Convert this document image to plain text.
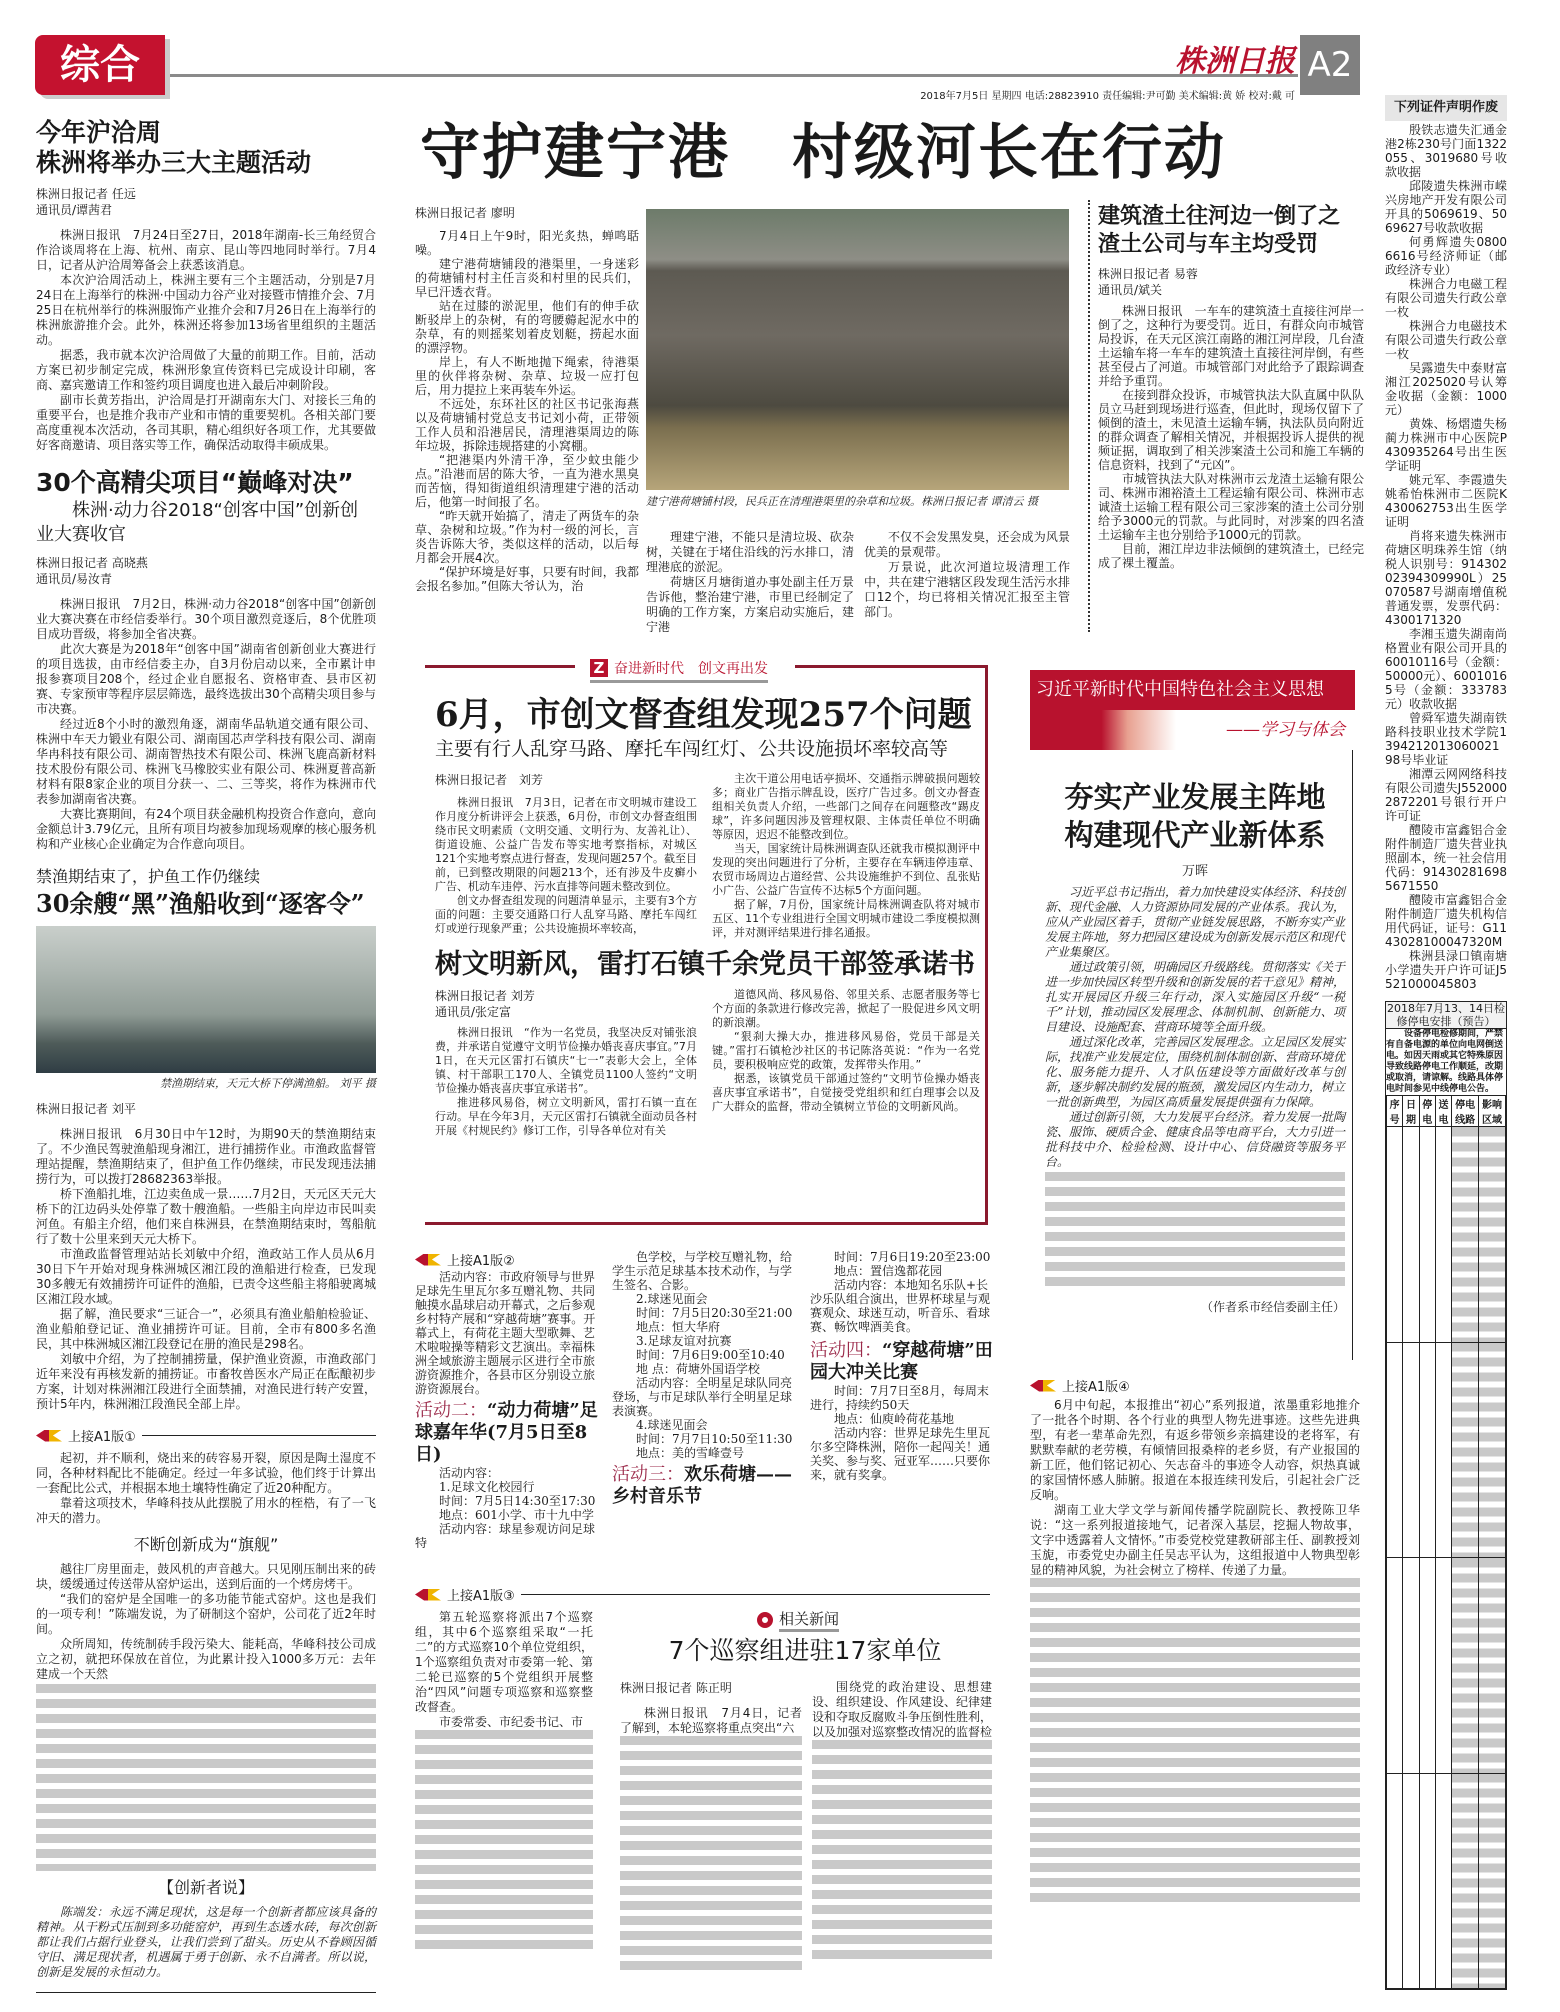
综合	株洲日报 A2
2018年7月5日 星期四 电话:28823910 责任编辑:尹可勤 美术编辑:黄 娇 校对:戴 可
今年沪洽周
株洲将举办三大主题活动
株洲日报记者 任远
通讯员/谭茜君

株洲日报讯　7月24日至27日，2018年湖南-长三角经贸合作洽谈周将在上海、杭州、南京、昆山等四地同时举行。7月4日，记者从沪洽周筹备会上获悉该消息。

本次沪洽周活动上，株洲主要有三个主题活动，分别是7月24日在上海举行的株洲·中国动力谷产业对接暨市情推介会、7月25日在杭州举行的株洲服饰产业推介会和7月26日在上海举行的株洲旅游推介会。此外，株洲还将参加13场省里组织的主题活动。

据悉，我市就本次沪洽周做了大量的前期工作。目前，活动方案已初步制定完成，株洲形象宣传资料已完成设计印刷，客商、嘉宾邀请工作和签约项目调度也进入最后冲刺阶段。

副市长黄芳指出，沪洽周是打开湖南东大门、对接长三角的重要平台，也是推介我市产业和市情的重要契机。各相关部门要高度重视本次活动，各司其职，精心组织好各项工作，尤其要做好客商邀请、项目落实等工作，确保活动取得丰硕成果。

30个高精尖项目“巅峰对决”
株洲·动力谷2018“创客中国”创新创业大赛收官
株洲日报记者 高晓燕
通讯员/易汝青

株洲日报讯　7月2日，株洲·动力谷2018“创客中国”创新创业大赛决赛在市经信委举行。30个项目激烈竞逐后，8个优胜项目成功晋级，将参加全省决赛。

此次大赛是为2018年“创客中国”湖南省创新创业大赛进行的项目选拔，由市经信委主办，自3月份启动以来，全市累计申报参赛项目208个，经过企业自愿报名、资格审查、县市区初赛、专家预审等程序层层筛选，最终选拔出30个高精尖项目参与市决赛。

经过近8个小时的激烈角逐，湖南华品轨道交通有限公司、株洲中车天力锻业有限公司、湖南国芯声学科技有限公司、湖南华冉科技有限公司、湖南智热技术有限公司、株洲飞鹿高新材料技术股份有限公司、株洲飞马橡胶实业有限公司、株洲夏普高新材料有限8家企业的项目分获一、二、三等奖，将作为株洲市代表参加湖南省决赛。

大赛比赛期间，有24个项目获金融机构投资合作意向，意向金额总计3.79亿元，且所有项目均被参加现场观摩的核心服务机构和产业核心企业确定为合作意向项目。

禁渔期结束了，护鱼工作仍继续
30余艘“黑”渔船收到“逐客令”
禁渔期结束，天元大桥下停满渔船。 刘平 摄
株洲日报记者 刘平

株洲日报讯　6月30日中午12时，为期90天的禁渔期结束了。不少渔民驾驶渔船现身湘江，进行捕捞作业。市渔政监督管理站提醒，禁渔期结束了，但护鱼工作仍继续，市民发现违法捕捞行为，可以拨打28682363举报。

桥下渔船扎堆，江边卖鱼成一景……7月2日，天元区天元大桥下的江边码头处停靠了数十艘渔船。一些船主向岸边市民叫卖河鱼。有船主介绍，他们来自株洲县，在禁渔期结束时，驾船航行了数十公里来到天元大桥下。

市渔政监督管理站站长刘敏中介绍，渔政站工作人员从6月30日下午开始对现身株洲城区湘江段的渔船进行检查，已发现30多艘无有效捕捞许可证件的渔船，已责令这些船主将船驶离城区湘江段水域。

据了解，渔民要求“三证合一”，必须具有渔业船舶检验证、渔业船舶登记证、渔业捕捞许可证。目前，全市有800多名渔民，其中株洲城区湘江段登记在册的渔民是298名。

刘敏中介绍，为了控制捕捞量，保护渔业资源，市渔政部门近年来没有再核发新的捕捞证。市畜牧兽医水产局正在酝酿初步方案，计划对株洲湘江段进行全面禁捕，对渔民进行转产安置，预计5年内，株洲湘江段渔民全部上岸。

上接A1版①

起初，并不顺利，烧出来的砖容易开裂，原因是陶土湿度不同，各种材料配比不能确定。经过一年多试验，他们终于计算出一套配比公式，并根据本地土壤特性确定了近20种配方。

靠着这项技术，华峰科技从此摆脱了用水的桎梏，有了一飞冲天的潜力。

不断创新成为“旗舰”

越往厂房里面走，鼓风机的声音越大。只见刚压制出来的砖块，缓缓通过传送带从窑炉运出，送到后面的一个烤房烤干。

“我们的窑炉是全国唯一的多功能节能式窑炉。这也是我们的一项专利！”陈端发说，为了研制这个窑炉，公司花了近2年时间。

众所周知，传统制砖手段污染大、能耗高，华峰科技公司成立之初，就把环保放在首位，为此累计投入1000多万元：去年建成一个天然

【创新者说】
陈端发：永远不满足现状，这是每一个创新者都应该具备的精神。从干粉式压制到多功能窑炉，再到生态透水砖，每次创新都让我们占据行业登头，让我们尝到了甜头。历史从不眷顾因循守旧、满足现状者，机遇属于勇于创新、永不自满者。所以说，创新是发展的永恒动力。
守护建宁港　村级河长在行动
株洲日报记者 廖明

7月4日上午9时，阳光炙热，蝉鸣聒噪。

建宁港荷塘铺段的港渠里，一身迷彩的荷塘铺村村主任言炎和村里的民兵们，早已汗透衣背。

站在过膝的淤泥里，他们有的伸手砍断驳岸上的杂树，有的弯腰薅起泥水中的杂草，有的则摇桨划着皮划艇，捞起水面的漂浮物。

岸上，有人不断地抛下绳索，待港渠里的伙伴将杂树、杂草、垃圾一应打包后，用力提拉上来再装车外运。

不远处，东环社区的社区书记张海燕以及荷塘铺村党总支书记刘小荷，正带领工作人员和沿港居民，清理港渠周边的陈年垃圾，拆除违规搭建的小窝棚。

“把港渠内外清干净，至少蚊虫能少点。”沿港而居的陈大爷，一直为港水黑臭而苦恼，得知街道组织清理建宁港的活动后，他第一时间报了名。

“昨天就开始搞了，清走了两货车的杂草、杂树和垃圾。”作为村一级的河长，言炎告诉陈大爷，类似这样的活动，以后每月都会开展4次。

“保护环境是好事，只要有时间，我都会报名参加。”但陈大爷认为，治

建宁港荷塘铺村段，民兵正在清理港渠里的杂草和垃圾。株洲日报记者 谭清云 摄

理建宁港，不能只是清垃圾、砍杂树，关键在于堵住沿线的污水排口，清理港底的淤泥。

荷塘区月塘街道办事处副主任万景告诉他，整治建宁港，市里已经制定了明确的工作方案，方案启动实施后，建宁港

不仅不会发黑发臭，还会成为风景优美的景观带。

万景说，此次河道垃圾清理工作中，共在建宁港辖区段发现生活污水排口12个，均已将相关情况汇报至主管部门。

建筑渣土往河边一倒了之
渣土公司与车主均受罚
株洲日报记者 易蓉
通讯员/斌关

株洲日报讯　一车车的建筑渣土直接往河岸一倒了之，这种行为要受罚。近日，有群众向市城管局投诉，在天元区滨江南路的湘江河岸段，几台渣土运输车将一车车的建筑渣土直接往河岸倒，有些甚至侵占了河道。市城管部门对此给予了跟踪调查并给予重罚。

在接到群众投诉，市城管执法大队直属中队队员立马赶到现场进行巡查，但此时，现场仅留下了倾倒的渣土，未见渣土运输车辆，执法队员向附近的群众调查了解相关情况，并根据投诉人提供的视频证据，调取到了相关涉案渣土公司和施工车辆的信息资料，找到了“元凶”。

市城管执法大队对株洲市云龙渣土运输有限公司、株洲市湘裕渣土工程运输有限公司、株洲市志诚渣土运输工程有限公司三家涉案的渣土公司分别给予3000元的罚款。与此同时，对涉案的四名渣土运输车主也分别给予1000元的罚款。

目前，湘江岸边非法倾倒的建筑渣土，已经完成了裸土覆盖。

Z 奋进新时代　创文再出发
6月，市创文督查组发现257个问题
主要有行人乱穿马路、摩托车闯红灯、公共设施损坏率较高等
株洲日报记者　刘芳

株洲日报讯　7月3日，记者在市文明城市建设工作月度分析讲评会上获悉，6月份，市创文办督查组围绕市民文明素质（文明交通、文明行为、友善礼让）、街道设施、公益广告发布等实地考察指标，对城区121个实地考察点进行督查，发现问题257个。截至目前，已到整改期限的问题213个，还有涉及牛皮癣小广告、机动车违停、污水直排等问题未整改到位。

创文办督查组发现的问题清单显示，主要有3个方面的问题：主要交通路口行人乱穿马路、摩托车闯红灯或逆行现象严重；公共设施损坏率较高，

主次干道公用电话亭损坏、交通指示牌破损问题较多；商业广告指示牌乱设，医疗广告过多。创文办督查组相关负责人介绍，一些部门之间存在问题整改“踢皮球”，许多问题因涉及管理权限、主体责任单位不明确等原因，迟迟不能整改到位。

当天，国家统计局株洲调查队还就我市模拟测评中发现的突出问题进行了分析，主要存在车辆违停违章、农贸市场周边占道经营、公共设施维护不到位、乱张贴小广告、公益广告宣传不达标5个方面问题。

据了解，7月份，国家统计局株洲调查队将对城市五区、11个专业组进行全国文明城市建设二季度模拟测评，并对测评结果进行排名通报。

树文明新风，雷打石镇千余党员干部签承诺书
株洲日报记者 刘芳
通讯员/张定富

株洲日报讯　“作为一名党员，我坚决反对铺张浪费，并承诺自觉遵守文明节俭操办婚丧喜庆事宜。”7月1日，在天元区雷打石镇庆“七一”表彰大会上，全体镇、村干部职工170人、全镇党员1100人签约“文明节俭操办婚丧喜庆事宜承诺书”。

推进移风易俗，树立文明新风，雷打石镇一直在行动。早在今年3月，天元区雷打石镇就全面动员各村开展《村规民约》修订工作，引导各单位对有关

道德风尚、移风易俗、邻里关系、志愿者服务等七个方面的条款进行修改完善，掀起了一股促进乡风文明的新浪潮。

“狠刹大操大办，推进移风易俗，党员干部是关键。”雷打石镇枪沙社区的书记陈洛英说：“作为一名党员，要积极响应党的政策，发挥带头作用。”

据悉，该镇党员干部通过签约“文明节俭操办婚丧喜庆事宜承诺书”，自觉接受党组织和红白理事会以及广大群众的监督，带动全镇树立节俭的文明新风尚。

习近平新时代中国特色社会主义思想
——学习与体会
夯实产业发展主阵地
构建现代产业新体系
万晖

习近平总书记指出，着力加快建设实体经济、科技创新、现代金融、人力资源协同发展的产业体系。我认为，应从产业园区着手，贯彻产业链发展思路，不断夯实产业发展主阵地，努力把园区建设成为创新发展示范区和现代产业集聚区。

通过政策引领，明确园区升级路线。贯彻落实《关于进一步加快园区转型升级和创新发展的若干意见》精神，扎实开展园区升级三年行动，深入实施园区升级“一税千”计划，推动园区发展理念、体制机制、创新能力、项目建设、设施配套、营商环境等全面升级。

通过深化改革，完善园区发展理念。立足园区发展实际，找准产业发展定位，围绕机制体制创新、营商环境优化、服务能力提升、人才队伍建设等方面做好改革与创新，逐步解决制约发展的瓶颈，激发园区内生动力，树立一批创新典型，为园区高质量发展提供强有力保障。

通过创新引领，大力发展平台经济。着力发展一批陶瓷、服饰、硬质合金、健康食品等电商平台，大力引进一批科技中介、检验检测、设计中心、信贷融资等服务平台。

（作者系市经信委副主任）
上接A1版②
活动内容：市政府领导与世界足球先生里瓦尔多互赠礼物、共同触摸水晶球启动开幕式，之后参观乡村特产展和“穿越荷塘”赛事。开幕式上，有荷花主题大型歌舞、艺术啦啦操等精彩文艺演出。幸福株洲全域旅游主题展示区进行全市旅游资源推介，各县市区分别设立旅游资源展台。
活动二：“动力荷塘”足球嘉年华(7月5日至8日)
活动内容：
1.足球文化校园行
时间：7月5日14:30至17:30
地点：601小学、市十九中学
活动内容：球星参观访问足球特
色学校，与学校互赠礼物，给学生示范足球基本技术动作，与学生签名、合影。
2.球迷见面会
时间：7月5日20:30至21:00
地点：恒大华府
3.足球友谊对抗赛
时间：7月6日9:00至10:40
地 点：荷塘外国语学校
活动内容：全明星足球队同亮登场，与市足球队举行全明星足球表演赛。
4.球迷见面会
时间：7月7日10:50至11:30
地点：美的雪峰壹号
活动三：欢乐荷塘——乡村音乐节
时间：7月6日19:20至23:00
地点：置信逸都花园
活动内容：本地知名乐队+长沙乐队组合演出，世界杯球星与观赛观众、球迷互动，听音乐、看球赛、畅饮啤酒美食。
活动四：“穿越荷塘”田园大冲关比赛
时间：7月7日至8月，每周末进行，持续约50天
地点：仙庾岭荷花基地
活动内容：世界足球先生里瓦尔多空降株洲，陪你一起闯关！通关奖、参与奖、冠亚军……只要你来，就有奖拿。
上接A1版③

第五轮巡察将派出7个巡察组，其中6个巡察组采取“一托二”的方式巡察10个单位党组织，1个巡察组负责对市委第一轮、第二轮已巡察的5个党组织开展整治“四风”问题专项巡察和巡察整改督查。

市委常委、市纪委书记、市

相关新闻
7个巡察组进驻17家单位
株洲日报记者 陈正明

株洲日报讯　7月4日，记者了解到，本轮巡察将重点突出“六

围绕党的政治建设、思想建设、组织建设、作风建设、纪律建设和夺取反腐败斗争压倒性胜利，以及加强对巡察整改情况的监督检

上接A1版④

6月中旬起，本报推出“初心”系列报道，浓墨重彩地推介了一批各个时期、各个行业的典型人物先进事迹。这些先进典型，有老一辈革命先烈，有返乡带领乡亲搞建设的老将军，有默默奉献的老劳模，有倾情回报桑梓的老乡贤，有产业报国的新工匠，他们铭记初心、矢志奋斗的事迹令人动容，炽热真诚的家国情怀感人肺腑。报道在本报连续刊发后，引起社会广泛反响。

湖南工业大学文学与新闻传播学院副院长、教授陈卫华说：“这一系列报道接地气，记者深入基层，挖掘人物故事，文字中透露着人文情怀。”市委党校党建教研部主任、副教授刘玉旎，市委党史办副主任吴志平认为，这组报道中人物典型彰显的精神风貌，为社会树立了榜样、传递了力量。

下列证件声明作废

殷铁志遗失汇通金港2栋230号门面1322055、3019680号收款收据

邱陵遗失株洲市嵘兴房地产开发有限公司开具的5069619、5069627号收款收据

何勇辉遗失08006616号经济师证（邮政经济专业）

株洲合力电磁工程有限公司遗失行政公章一枚

株洲合力电磁技术有限公司遗失行政公章一枚

吴露遗失中泰财富湘江2025020号认筹金收据（金额：1000元）

黄姝、杨熠遗失杨蔺力株洲市中心医院P430935264号出生医学证明

姚元军、李霞遗失姚希怡株洲市二医院K430062753出生医学证明

肖将来遗失株洲市荷塘区明珠养生馆（纳税人识别号：91430202394309990L）25070587号湖南增值税普通发票，发票代码：4300171320

李湘玉遗失湖南尚格置业有限公司开具的60010116号（金额：50000元）、60010165号（金额：333783元）收款收据

曾舜军遗失湖南铁路科技职业技术学院139421201306002198号毕业证

湘潭云网网络科技有限公司遗失J5520002872201号银行开户许可证

醴陵市富鑫铝合金附件制造厂遗失营业执照副本，统一社会信用代码：91430281698567155​0

醴陵市富鑫铝合金附件制造厂遗失机构信用代码证，证号：G1143028100047320M

株洲县渌口镇南塘小学遗失开户许可证J5521000045803

2018年7月13、14日检修停电安排（预告）
设备停电检修期间，严禁有自备电源的单位向电网倒送电。如因天雨或其它特殊原因导致线路停电工作顺延，改期或取消，请谅解。线路具体停电时间参见中线停电公告。
序号	日期	停电	送电	停电线路	影响区域
